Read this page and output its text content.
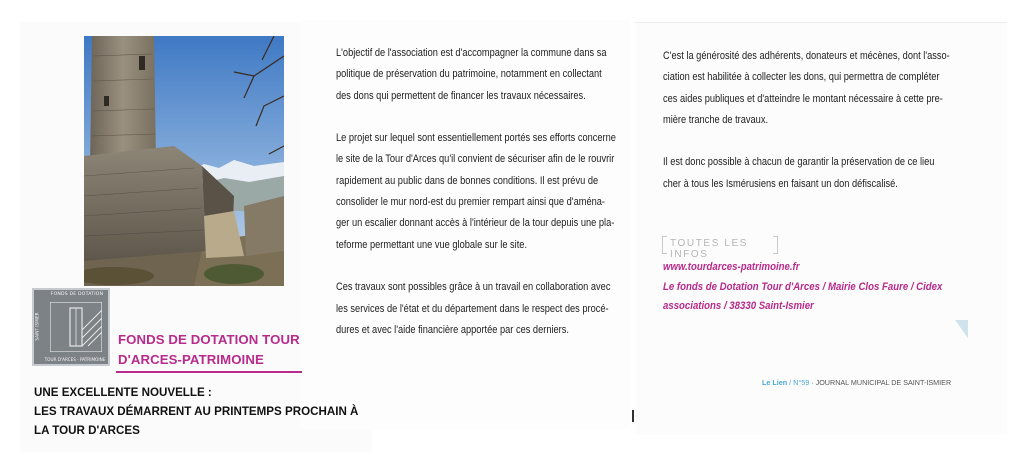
FONDS DE DOTATION
SAINT ISMIER
TOUR D'ARCES · PATRIMOINE
FONDS DE DOTATION TOUR
D'ARCES-PATRIMOINE
UNE EXCELLENTE NOUVELLE :
LES TRAVAUX DÉMARRENT AU PRINTEMPS PROCHAIN À
LA TOUR D'ARCES

L'objectif de l'association est d'accompagner la commune dans sa
politique de préservation du patrimoine, notamment en collectant
des dons qui permettent de financer les travaux nécessaires.

Le projet sur lequel sont essentiellement portés ses efforts concerne
le site de la Tour d'Arces qu'il convient de sécuriser afin de le rouvrir
rapidement au public dans de bonnes conditions. Il est prévu de
consolider le mur nord-est du premier rempart ainsi que d'aména-
ger un escalier donnant accès à l'intérieur de la tour depuis une pla-
teforme permettant une vue globale sur le site.

Ces travaux sont possibles grâce à un travail en collaboration avec
les services de l'état et du département dans le respect des procé-
dures et avec l'aide financière apportée par ces derniers.

C'est la générosité des adhérents, donateurs et mécènes, dont l'asso-
ciation est habilitée à collecter les dons, qui permettra de compléter
ces aides publiques et d'atteindre le montant nécessaire à cette pre-
mière tranche de travaux.

Il est donc possible à chacun de garantir la préservation de ce lieu
cher à tous les Ismérusiens en faisant un don défiscalisé.

TOUTES LES INFOS
www.tourdarces-patrimoine.fr
Le fonds de Dotation Tour d'Arces / Mairie Clos Faure / Cidex
associations / 38330 Saint-Ismier
Le Lien / N°59 · JOURNAL MUNICIPAL DE SAINT-ISMIER
